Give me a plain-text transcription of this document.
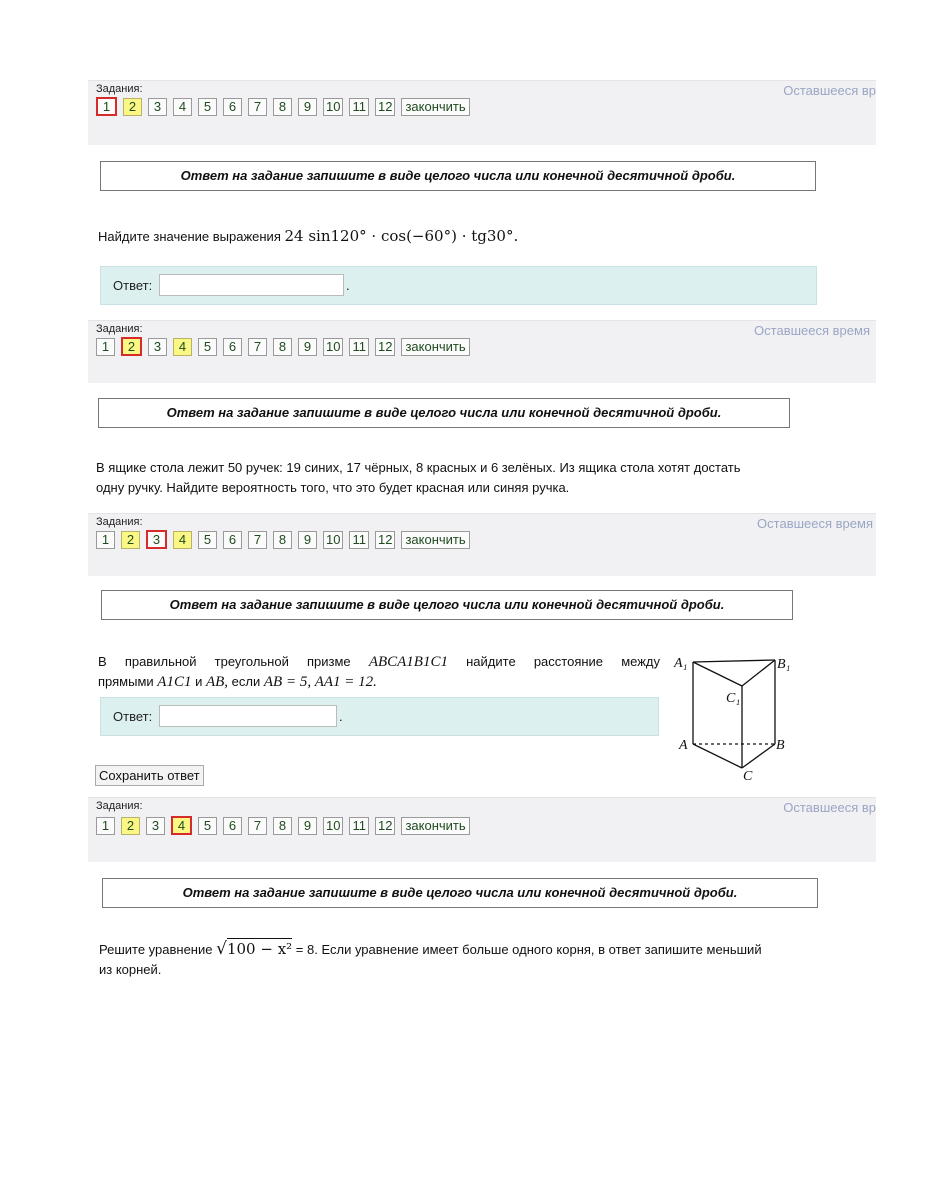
Задания:	Оставшееся вр
1	2	3	4	5	6	7	8	9	10 11 12	закончить
Ответ на задание запишите в виде целого числа или конечной десятичной дроби.
Найдите значение выражения 24 sin120° · cos(−60°) · tg30°.
Ответ:	.
Задания:	Оставшееся время
1	2	3	4	5	6	7	8	9	10 11 12	закончить
Ответ на задание запишите в виде целого числа или конечной десятичной дроби.
В ящике стола лежит 50 ручек: 19 синих, 17 чёрных, 8 красных и 6 зелёных. Из ящика стола хотят достать
одну ручку. Найдите вероятность того, что это будет красная или синяя ручка.
Задания:	Оставшееся время
1	2	3	4	5	6	7	8	9	10 11 12	закончить
Ответ на задание запишите в виде целого числа или конечной десятичной дроби.
В правильной треугольной призме ABCA1B1C1 найдите расстояние между
прямыми A1C1 и AB, если AB = 5, AA1 = 12.
Ответ:	.
Сохранить ответ
A₁	B₁
C₁
A	B
C
Задания:	Оставшееся вр
1	2	3	4	5	6	7	8	9	10 11 12	закончить
Ответ на задание запишите в виде целого числа или конечной десятичной дроби.
Решите уравнение √100 − x² = 8. Если уравнение имеет больше одного корня, в ответ запишите меньший
из корней.
